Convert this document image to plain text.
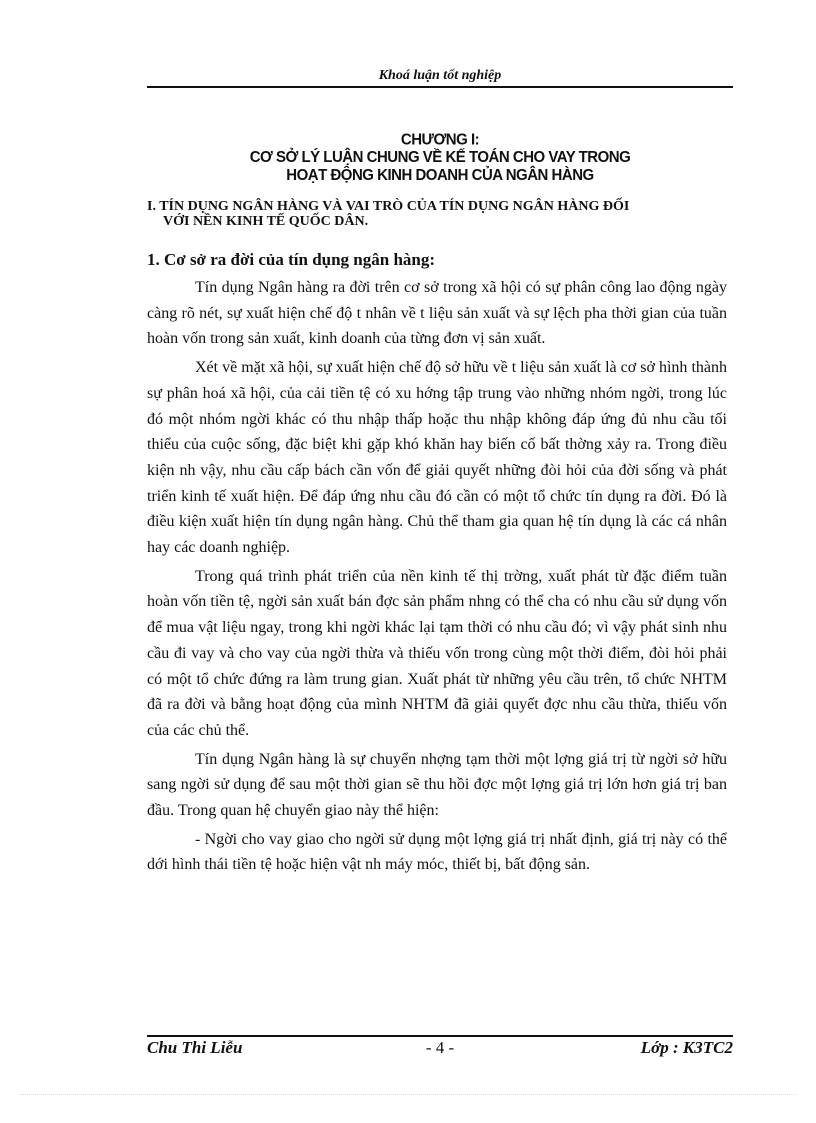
Khoá luận tốt nghiệp
CHƯƠNG I:
CƠ SỞ LÝ LUẬN CHUNG VỀ KẾ TOÁN CHO VAY TRONG
HOẠT ĐỘNG KINH DOANH CỦA NGÂN HÀNG
I. TÍN DỤNG NGÂN HÀNG VÀ VAI TRÒ CỦA TÍN DỤNG NGÂN HÀNG ĐỐI
VỚI NỀN KINH TẾ QUỐC DÂN.
1. Cơ sở ra đời của tín dụng ngân hàng:

Tín dụng Ngân hàng ra đời trên cơ sở trong xã hội có sự phân công lao động ngày càng rõ nét, sự xuất hiện chế độ t nhân về t liệu sản xuất và sự lệch pha thời gian của tuần hoàn vốn trong sản xuất, kinh doanh của từng đơn vị sản xuất.

Xét về mặt xã hội, sự xuất hiện chế độ sở hữu về t liệu sản xuất là cơ sở hình thành sự phân hoá xã hội, của cải tiền tệ có xu hớng tập trung vào những nhóm ngời, trong lúc đó một nhóm ngời khác có thu nhập thấp hoặc thu nhập không đáp ứng đủ nhu cầu tối thiểu của cuộc sống, đặc biệt khi gặp khó khăn hay biến cố bất thờng xảy ra. Trong điều kiện nh vậy, nhu cầu cấp bách cần vốn để giải quyết những đòi hỏi của đời sống và phát triển kinh tế xuất hiện. Để đáp ứng nhu cầu đó cần có một tổ chức tín dụng ra đời. Đó là điều kiện xuất hiện tín dụng ngân hàng. Chủ thể tham gia quan hệ tín dụng là các cá nhân hay các doanh nghiệp.

Trong quá trình phát triển của nền kinh tế thị trờng, xuất phát từ đặc điểm tuần hoàn vốn tiền tệ, ngời sản xuất bán đợc sản phẩm nhng có thể cha có nhu cầu sử dụng vốn để mua vật liệu ngay, trong khi ngời khác lại tạm thời có nhu cầu đó; vì vậy phát sinh nhu cầu đi vay và cho vay của ngời thừa và thiếu vốn trong cùng một thời điểm, đòi hỏi phải có một tổ chức đứng ra làm trung gian. Xuất phát từ những yêu cầu trên, tổ chức NHTM đã ra đời và bằng hoạt động của mình NHTM đã giải quyết đợc nhu cầu thừa, thiếu vốn của các chủ thể.

Tín dụng Ngân hàng là sự chuyển nhợng tạm thời một lợng giá trị từ ngời sở hữu sang ngời sử dụng để sau một thời gian sẽ thu hồi đợc một lợng giá trị lớn hơn giá trị ban đầu. Trong quan hệ chuyển giao này thể hiện:

- Ngời cho vay giao cho ngời sử dụng một lợng giá trị nhất định, giá trị này có thể dới hình thái tiền tệ hoặc hiện vật nh máy móc, thiết bị, bất động sản.

Chu Thi Liễu	- 4 -	Lớp : K3TC2
